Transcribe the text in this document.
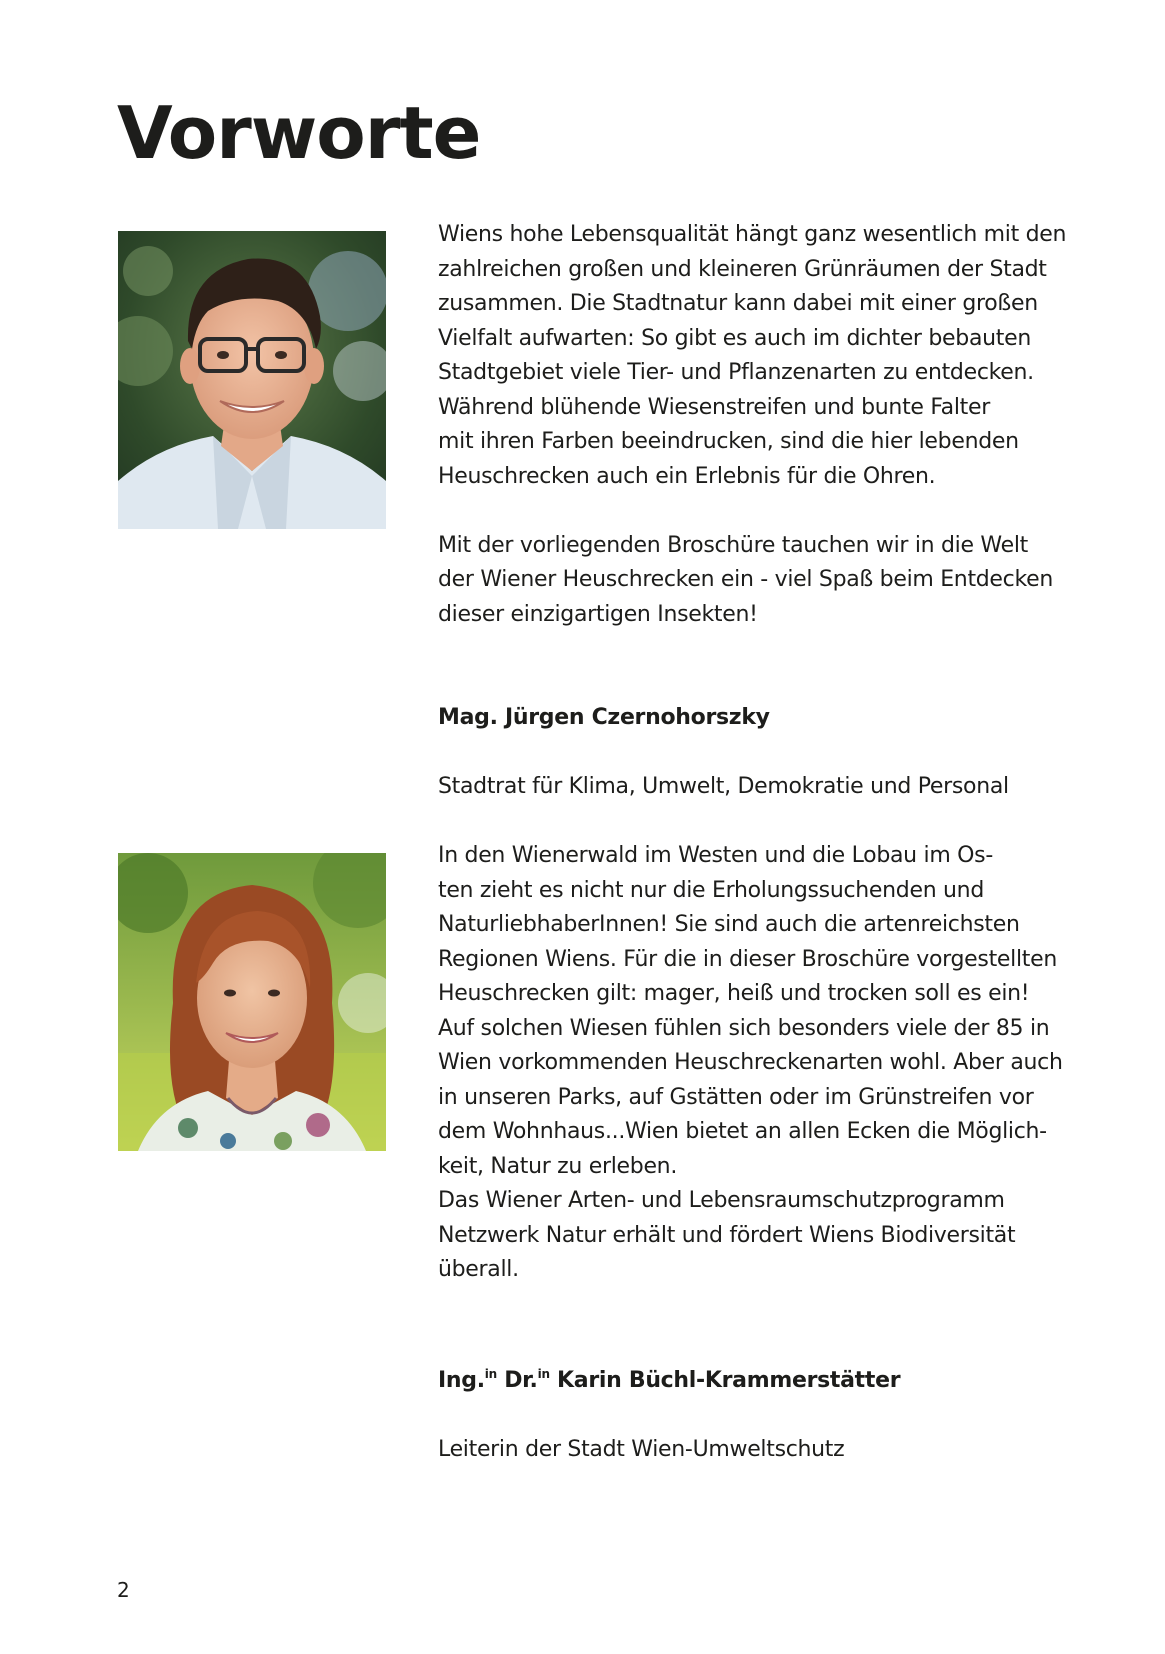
Vorworte

Wiens hohe Lebensqualität hängt ganz wesentlich mit den
zahlreichen großen und kleineren Grünräumen der Stadt
zusammen. Die Stadtnatur kann dabei mit einer großen
Vielfalt aufwarten: So gibt es auch im dichter bebauten
Stadtgebiet viele Tier- und Pflanzenarten zu entdecken.
Während blühende Wiesenstreifen und bunte Falter
mit ihren Farben beeindrucken, sind die hier lebenden
Heuschrecken auch ein Erlebnis für die Ohren.

Mit der vorliegenden Broschüre tauchen wir in die Welt
der Wiener Heuschrecken ein - viel Spaß beim Entdecken
dieser einzigartigen Insekten!

Mag. Jürgen Czernohorszky

Stadtrat für Klima, Umwelt, Demokratie und Personal

In den Wienerwald im Westen und die Lobau im Os-
ten zieht es nicht nur die Erholungssuchenden und
NaturliebhaberInnen! Sie sind auch die artenreichsten
Regionen Wiens. Für die in dieser Broschüre vorgestellten
Heuschrecken gilt: mager, heiß und trocken soll es ein!
Auf solchen Wiesen fühlen sich besonders viele der 85 in
Wien vorkommenden Heuschreckenarten wohl. Aber auch
in unseren Parks, auf Gstätten oder im Grünstreifen vor
dem Wohnhaus...Wien bietet an allen Ecken die Möglich-
keit, Natur zu erleben.
Das Wiener Arten- und Lebensraumschutzprogramm
Netzwerk Natur erhält und fördert Wiens Biodiversität
überall.

Ing.$^{in}$ Dr.$^{in}$ Karin Büchl-Krammerstätter

Leiterin der Stadt Wien-Umweltschutz

2
